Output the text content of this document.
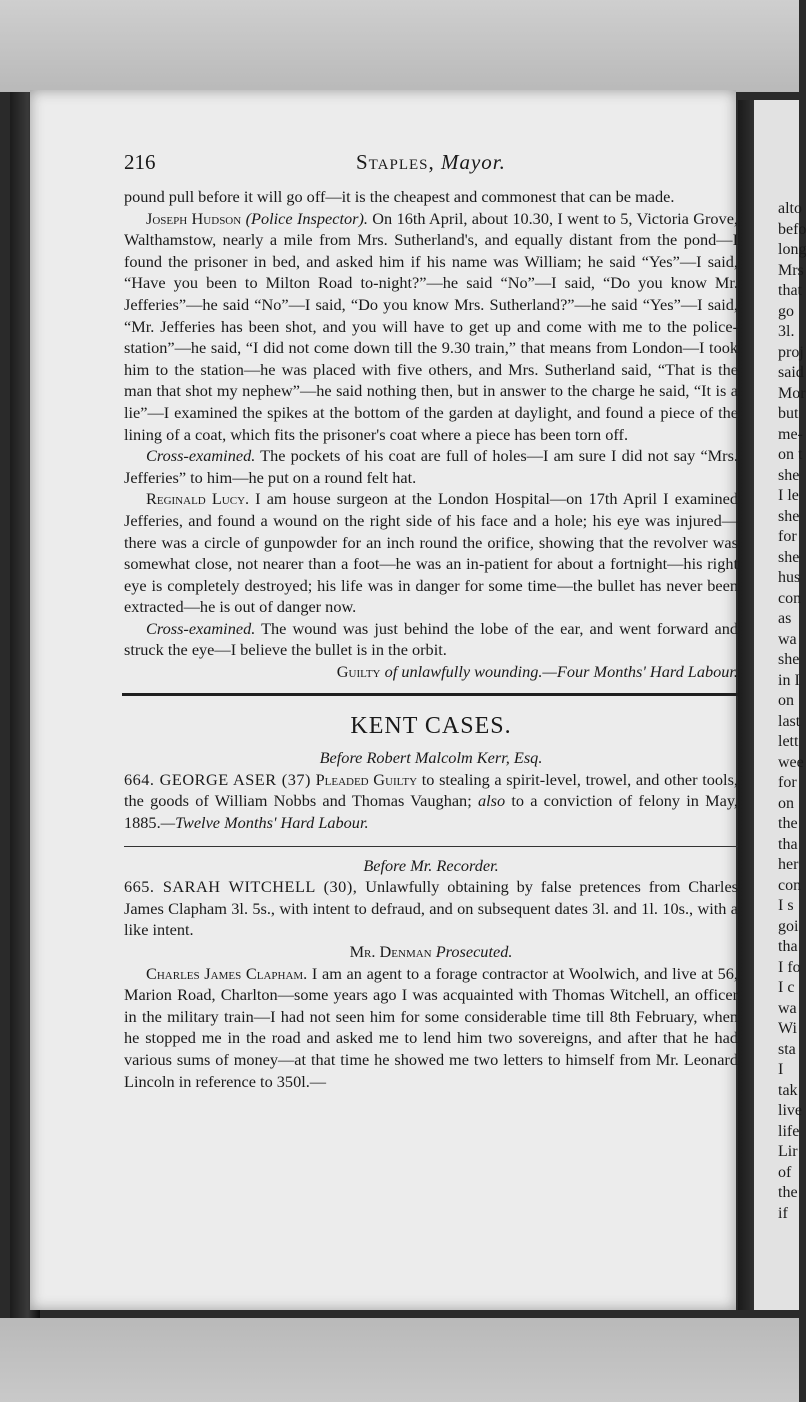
216	Staples, Mayor.

pound pull before it will go off—it is the cheapest and commonest that can be made.

Joseph Hudson (Police Inspector). On 16th April, about 10.30, I went to 5, Victoria Grove, Walthamstow, nearly a mile from Mrs. Sutherland's, and equally distant from the pond—I found the prisoner in bed, and asked him if his name was William; he said “Yes”—I said, “Have you been to Milton Road to-night?”—he said “No”—I said, “Do you know Mr. Jefferies”—he said “No”—I said, “Do you know Mrs. Sutherland?”—he said “Yes”—I said, “Mr. Jefferies has been shot, and you will have to get up and come with me to the police-station”—he said, “I did not come down till the 9.30 train,” that means from London—I took him to the station—he was placed with five others, and Mrs. Sutherland said, “That is the man that shot my nephew”—he said nothing then, but in answer to the charge he said, “It is a lie”—I examined the spikes at the bottom of the garden at daylight, and found a piece of the lining of a coat, which fits the prisoner's coat where a piece has been torn off.

Cross-examined. The pockets of his coat are full of holes—I am sure I did not say “Mrs. Jefferies” to him—he put on a round felt hat.

Reginald Lucy. I am house surgeon at the London Hospital—on 17th April I examined Jefferies, and found a wound on the right side of his face and a hole; his eye was injured—there was a circle of gunpowder for an inch round the orifice, showing that the revolver was somewhat close, not nearer than a foot—he was an in-patient for about a fortnight—his right eye is completely destroyed; his life was in danger for some time—the bullet has never been extracted—he is out of danger now.

Cross-examined. The wound was just behind the lobe of the ear, and went forward and struck the eye—I believe the bullet is in the orbit.

Guilty of unlawfully wounding.—Four Months' Hard Labour.

KENT CASES.

Before Robert Malcolm Kerr, Esq.

664. GEORGE ASER (37) Pleaded Guilty to stealing a spirit-level, trowel, and other tools, the goods of William Nobbs and Thomas Vaughan; also to a conviction of felony in May, 1885.—Twelve Months' Hard Labour.

Before Mr. Recorder.

665. SARAH WITCHELL (30), Unlawfully obtaining by false pretences from Charles James Clapham 3l. 5s., with intent to defraud, and on subsequent dates 3l. and 1l. 10s., with a like intent.

Mr. Denman Prosecuted.

Charles James Clapham. I am an agent to a forage contractor at Woolwich, and live at 56, Marion Road, Charlton—some years ago I was acquainted with Thomas Witchell, an officer in the military train—I had not seen him for some considerable time till 8th February, when he stopped me in the road and asked me to lend him two sovereigns, and after that he had various sums of money—at that time he showed me two letters to himself from Mr. Leonard Lincoln in reference to 350l.—

alto
befo
long
Mrs
that
go
3l.
proj
said
Mor
but
me-
on t
she
I le
she
for
she
hus
con
as
wa
she
in I
on
last
lett
wee
for
on
the
tha
her
con
I s
goi
tha
I fo
I c
wa
Wi
sta
I
tak
live
life
Lir
of
the
if
